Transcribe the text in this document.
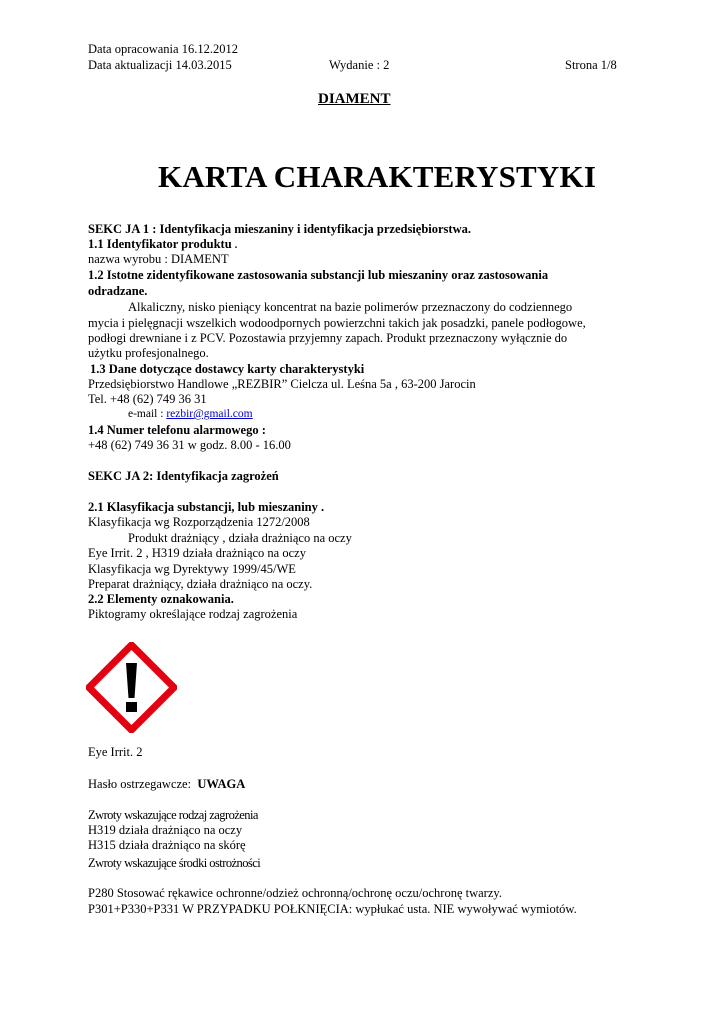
Data opracowania 16.12.2012
Data aktualizacji 14.03.2015	Wydanie : 2	Strona 1/8
DIAMENT
KARTA CHARAKTERYSTYKI
SEKC JA 1 : Identyfikacja mieszaniny i identyfikacja przedsiębiorstwa.
1.1 Identyfikator produktu .
nazwa wyrobu : DIAMENT
1.2 Istotne zidentyfikowane zastosowania substancji lub mieszaniny oraz zastosowania
odradzane.
Alkaliczny, nisko pieniący koncentrat na bazie polimerów przeznaczony do codziennego
mycia i pielęgnacji wszelkich wodoodpornych powierzchni takich jak posadzki, panele podłogowe,
podłogi drewniane i z PCV. Pozostawia przyjemny zapach. Produkt przeznaczony wyłącznie do
użytku profesjonalnego.
1.3 Dane dotyczące dostawcy karty charakterystyki
Przedsiębiorstwo Handlowe „REZBIR” Cielcza ul. Leśna 5a , 63-200 Jarocin
Tel. +48 (62) 749 36 31
e-mail : rezbir@gmail.com
1.4 Numer telefonu alarmowego :
+48 (62) 749 36 31 w godz. 8.00 - 16.00
SEKC JA 2: Identyfikacja zagrożeń
2.1 Klasyfikacja substancji, lub mieszaniny .
Klasyfikacja wg Rozporządzenia 1272/2008
Produkt drażniący , działa drażniąco na oczy
Eye Irrit. 2 , H319 działa drażniąco na oczy
Klasyfikacja wg Dyrektywy 1999/45/WE
Preparat drażniący, działa drażniąco na oczy.
2.2 Elementy oznakowania.
Piktogramy określające rodzaj zagrożenia
Eye Irrit. 2
Hasło ostrzegawcze: UWAGA
Zwroty wskazujące rodzaj zagrożenia
H319 działa drażniąco na oczy
H315 działa drażniąco na skórę
Zwroty wskazujące środki ostrożności
P280 Stosować rękawice ochronne/odzież ochronną/ochronę oczu/ochronę twarzy.
P301+P330+P331 W PRZYPADKU POŁKNIĘCIA: wypłukać usta. NIE wywoływać wymiotów.
